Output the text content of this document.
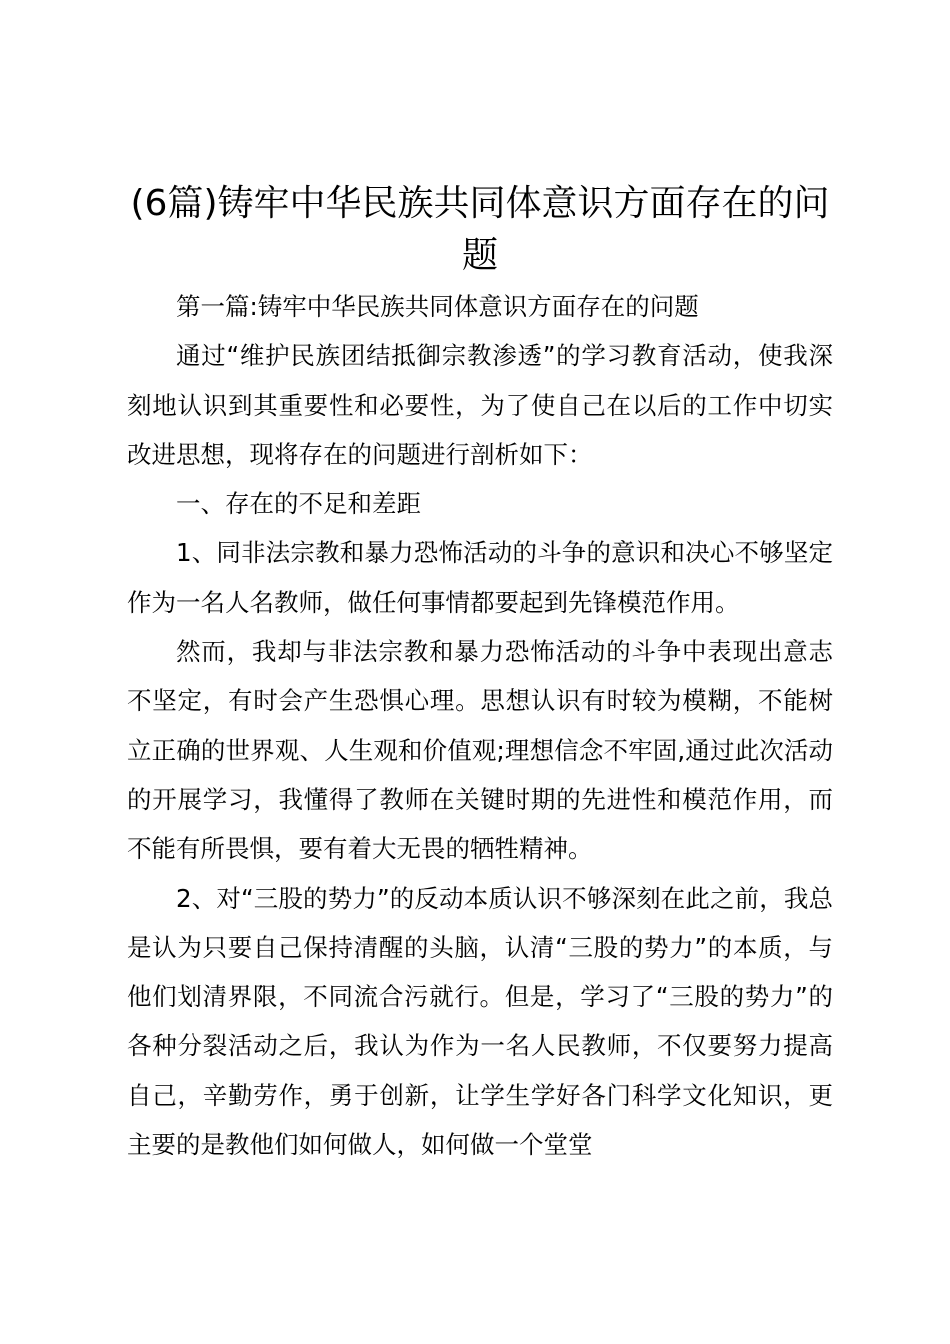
(6篇)铸牢中华民族共同体意识方面存在的问题

第一篇:铸牢中华民族共同体意识方面存在的问题

通过“维护民族团结抵御宗教渗透”的学习教育活动，使我深刻地认识到其重要性和必要性，为了使自己在以后的工作中切实改进思想，现将存在的问题进行剖析如下：

一、存在的不足和差距

1、同非法宗教和暴力恐怖活动的斗争的意识和决心不够坚定作为一名人名教师，做任何事情都要起到先锋模范作用。

然而，我却与非法宗教和暴力恐怖活动的斗争中表现出意志不坚定，有时会产生恐惧心理。思想认识有时较为模糊，不能树立正确的世界观、人生观和价值观;理想信念不牢固,通过此次活动的开展学习，我懂得了教师在关键时期的先进性和模范作用，而不能有所畏惧，要有着大无畏的牺牲精神。

2、对“三股的势力”的反动本质认识不够深刻在此之前，我总是认为只要自己保持清醒的头脑，认清“三股的势力”的本质，与他们划清界限，不同流合污就行。但是，学习了“三股的势力”的各种分裂活动之后，我认为作为一名人民教师，不仅要努力提高自己，辛勤劳作，勇于创新，让学生学好各门科学文化知识，更主要的是教他们如何做人，如何做一个堂堂
